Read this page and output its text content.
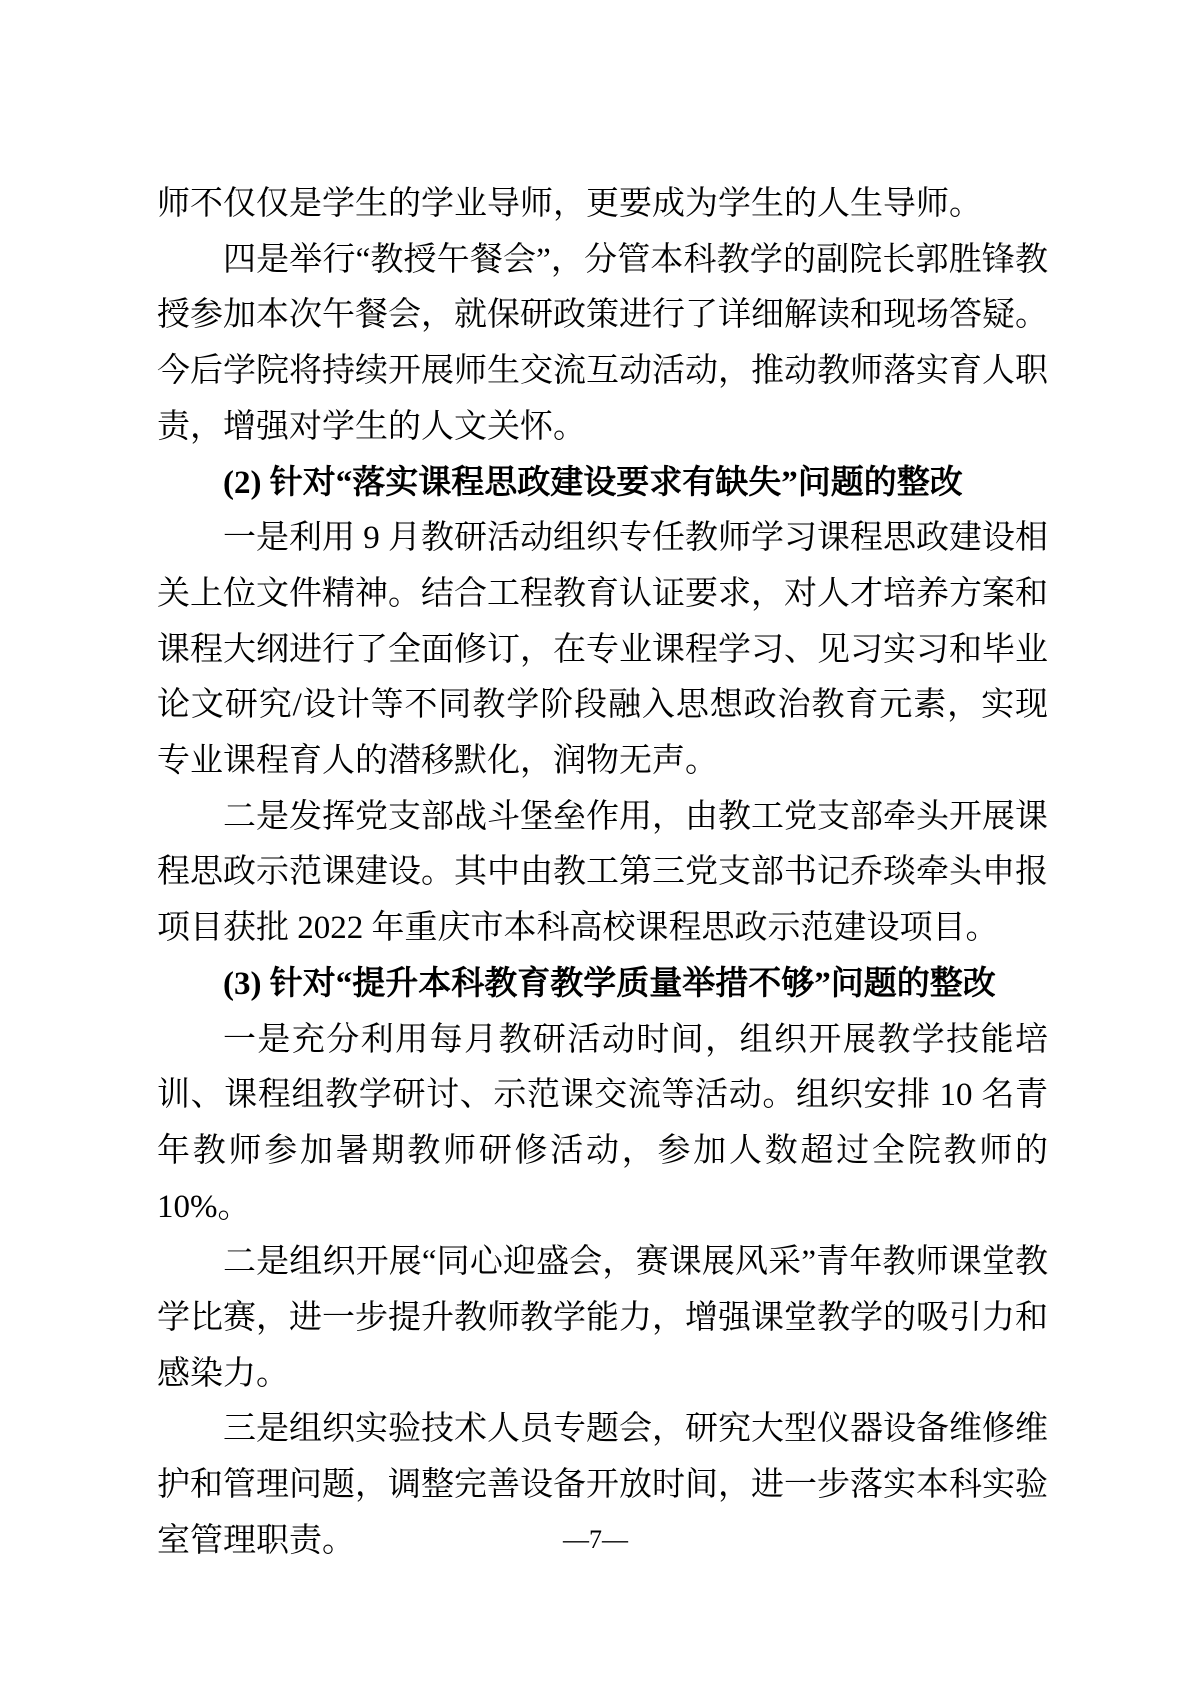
师不仅仅是学生的学业导师，更要成为学生的人生导师。

四是举行“教授午餐会”，分管本科教学的副院长郭胜锋教授参加本次午餐会，就保研政策进行了详细解读和现场答疑。今后学院将持续开展师生交流互动活动，推动教师落实育人职责，增强对学生的人文关怀。

(2) 针对“落实课程思政建设要求有缺失”问题的整改

一是利用 9 月教研活动组织专任教师学习课程思政建设相关上位文件精神。结合工程教育认证要求，对人才培养方案和课程大纲进行了全面修订，在专业课程学习、见习实习和毕业论文研究/设计等不同教学阶段融入思想政治教育元素，实现专业课程育人的潜移默化，润物无声。

二是发挥党支部战斗堡垒作用，由教工党支部牵头开展课程思政示范课建设。其中由教工第三党支部书记乔琰牵头申报项目获批 2022 年重庆市本科高校课程思政示范建设项目。

(3) 针对“提升本科教育教学质量举措不够”问题的整改

一是充分利用每月教研活动时间，组织开展教学技能培训、课程组教学研讨、示范课交流等活动。组织安排 10 名青年教师参加暑期教师研修活动，参加人数超过全院教师的 10%。

二是组织开展“同心迎盛会，赛课展风采”青年教师课堂教学比赛，进一步提升教师教学能力，增强课堂教学的吸引力和感染力。

三是组织实验技术人员专题会，研究大型仪器设备维修维护和管理问题，调整完善设备开放时间，进一步落实本科实验室管理职责。	—7—
